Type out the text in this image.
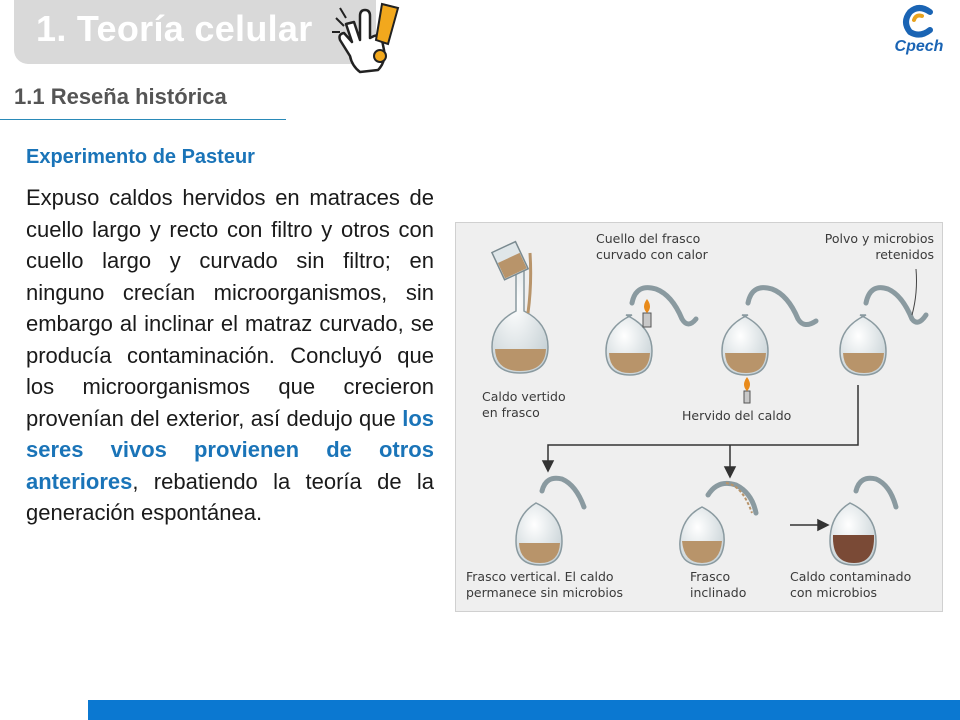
1. Teoría celular	Cpech
1.1 Reseña histórica
Experimento de Pasteur
Expuso caldos hervidos en matraces de cuello largo y recto con filtro y otros con cuello largo y curvado sin filtro; en ninguno crecían microorganismos, sin embargo al inclinar el matraz curvado, se producía contaminación. Concluyó que los microorganismos que crecieron provenían del exterior, así dedujo que los seres vivos provienen de otros anteriores, rebatiendo la teoría de la generación espontánea.
Caldo vertido
en frasco
Cuello del frasco
curvado con calor
Polvo y microbios
retenidos
Hervido del caldo
Frasco vertical. El caldo
permanece sin microbios
Frasco
inclinado
Caldo contaminado
con microbios
